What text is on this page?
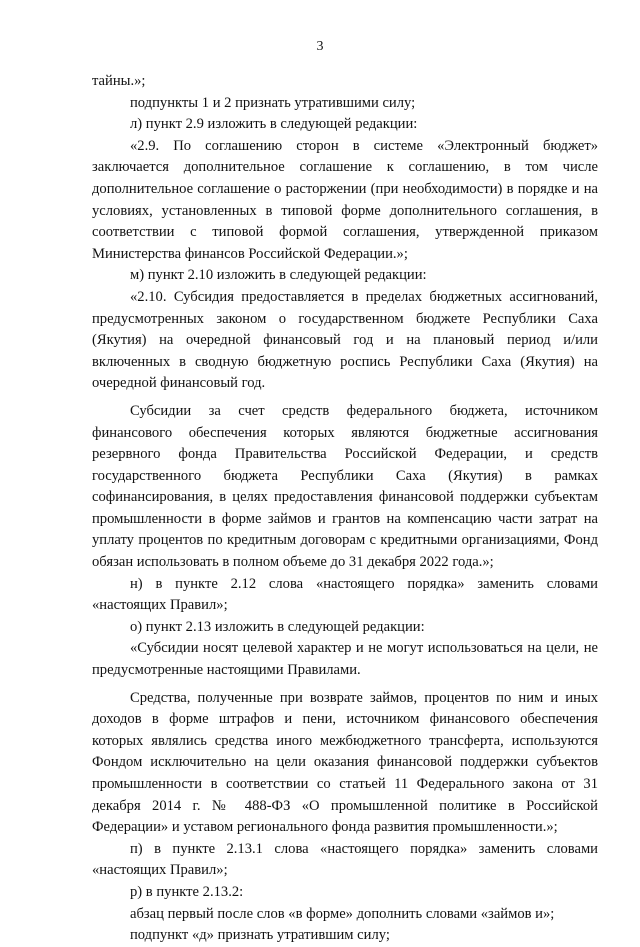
3

тайны.»;

подпункты 1 и 2 признать утратившими силу;

л) пункт 2.9 изложить в следующей редакции:

«2.9. По соглашению сторон в системе «Электронный бюджет» заключается дополнительное соглашение к соглашению, в том числе дополнительное соглашение о расторжении (при необходимости) в порядке и на условиях, установленных в типовой форме дополнительного соглашения, в соответствии с типовой формой соглашения, утвержденной приказом Министерства финансов Российской Федерации.»;

м) пункт 2.10 изложить в следующей редакции:

«2.10. Субсидия предоставляется в пределах бюджетных ассигнований, предусмотренных законом о государственном бюджете Республики Саха (Якутия) на очередной финансовый год и на плановый период и/или включенных в сводную бюджетную роспись Республики Саха (Якутия) на очередной финансовый год.

Субсидии за счет средств федерального бюджета, источником финансового обеспечения которых являются бюджетные ассигнования резервного фонда Правительства Российской Федерации, и средств государственного бюджета Республики Саха (Якутия) в рамках софинансирования, в целях предоставления финансовой поддержки субъектам промышленности в форме займов и грантов на компенсацию части затрат на уплату процентов по кредитным договорам с кредитными организациями, Фонд обязан использовать в полном объеме до 31 декабря 2022 года.»;

н) в пункте 2.12 слова «настоящего порядка» заменить словами «настоящих Правил»;

о) пункт 2.13 изложить в следующей редакции:

«Субсидии носят целевой характер и не могут использоваться на цели, не предусмотренные настоящими Правилами.

Средства, полученные при возврате займов, процентов по ним и иных доходов в форме штрафов и пени, источником финансового обеспечения которых являлись средства иного межбюджетного трансферта, используются Фондом исключительно на цели оказания финансовой поддержки субъектов промышленности в соответствии со статьей 11 Федерального закона от 31 декабря 2014 г. № 488-ФЗ «О промышленной политике в Российской Федерации» и уставом регионального фонда развития промышленности.»;

п) в пункте 2.13.1 слова «настоящего порядка» заменить словами «настоящих Правил»;

р) в пункте 2.13.2:

абзац первый после слов «в форме» дополнить словами «займов и»;

подпункт «д» признать утратившим силу;
